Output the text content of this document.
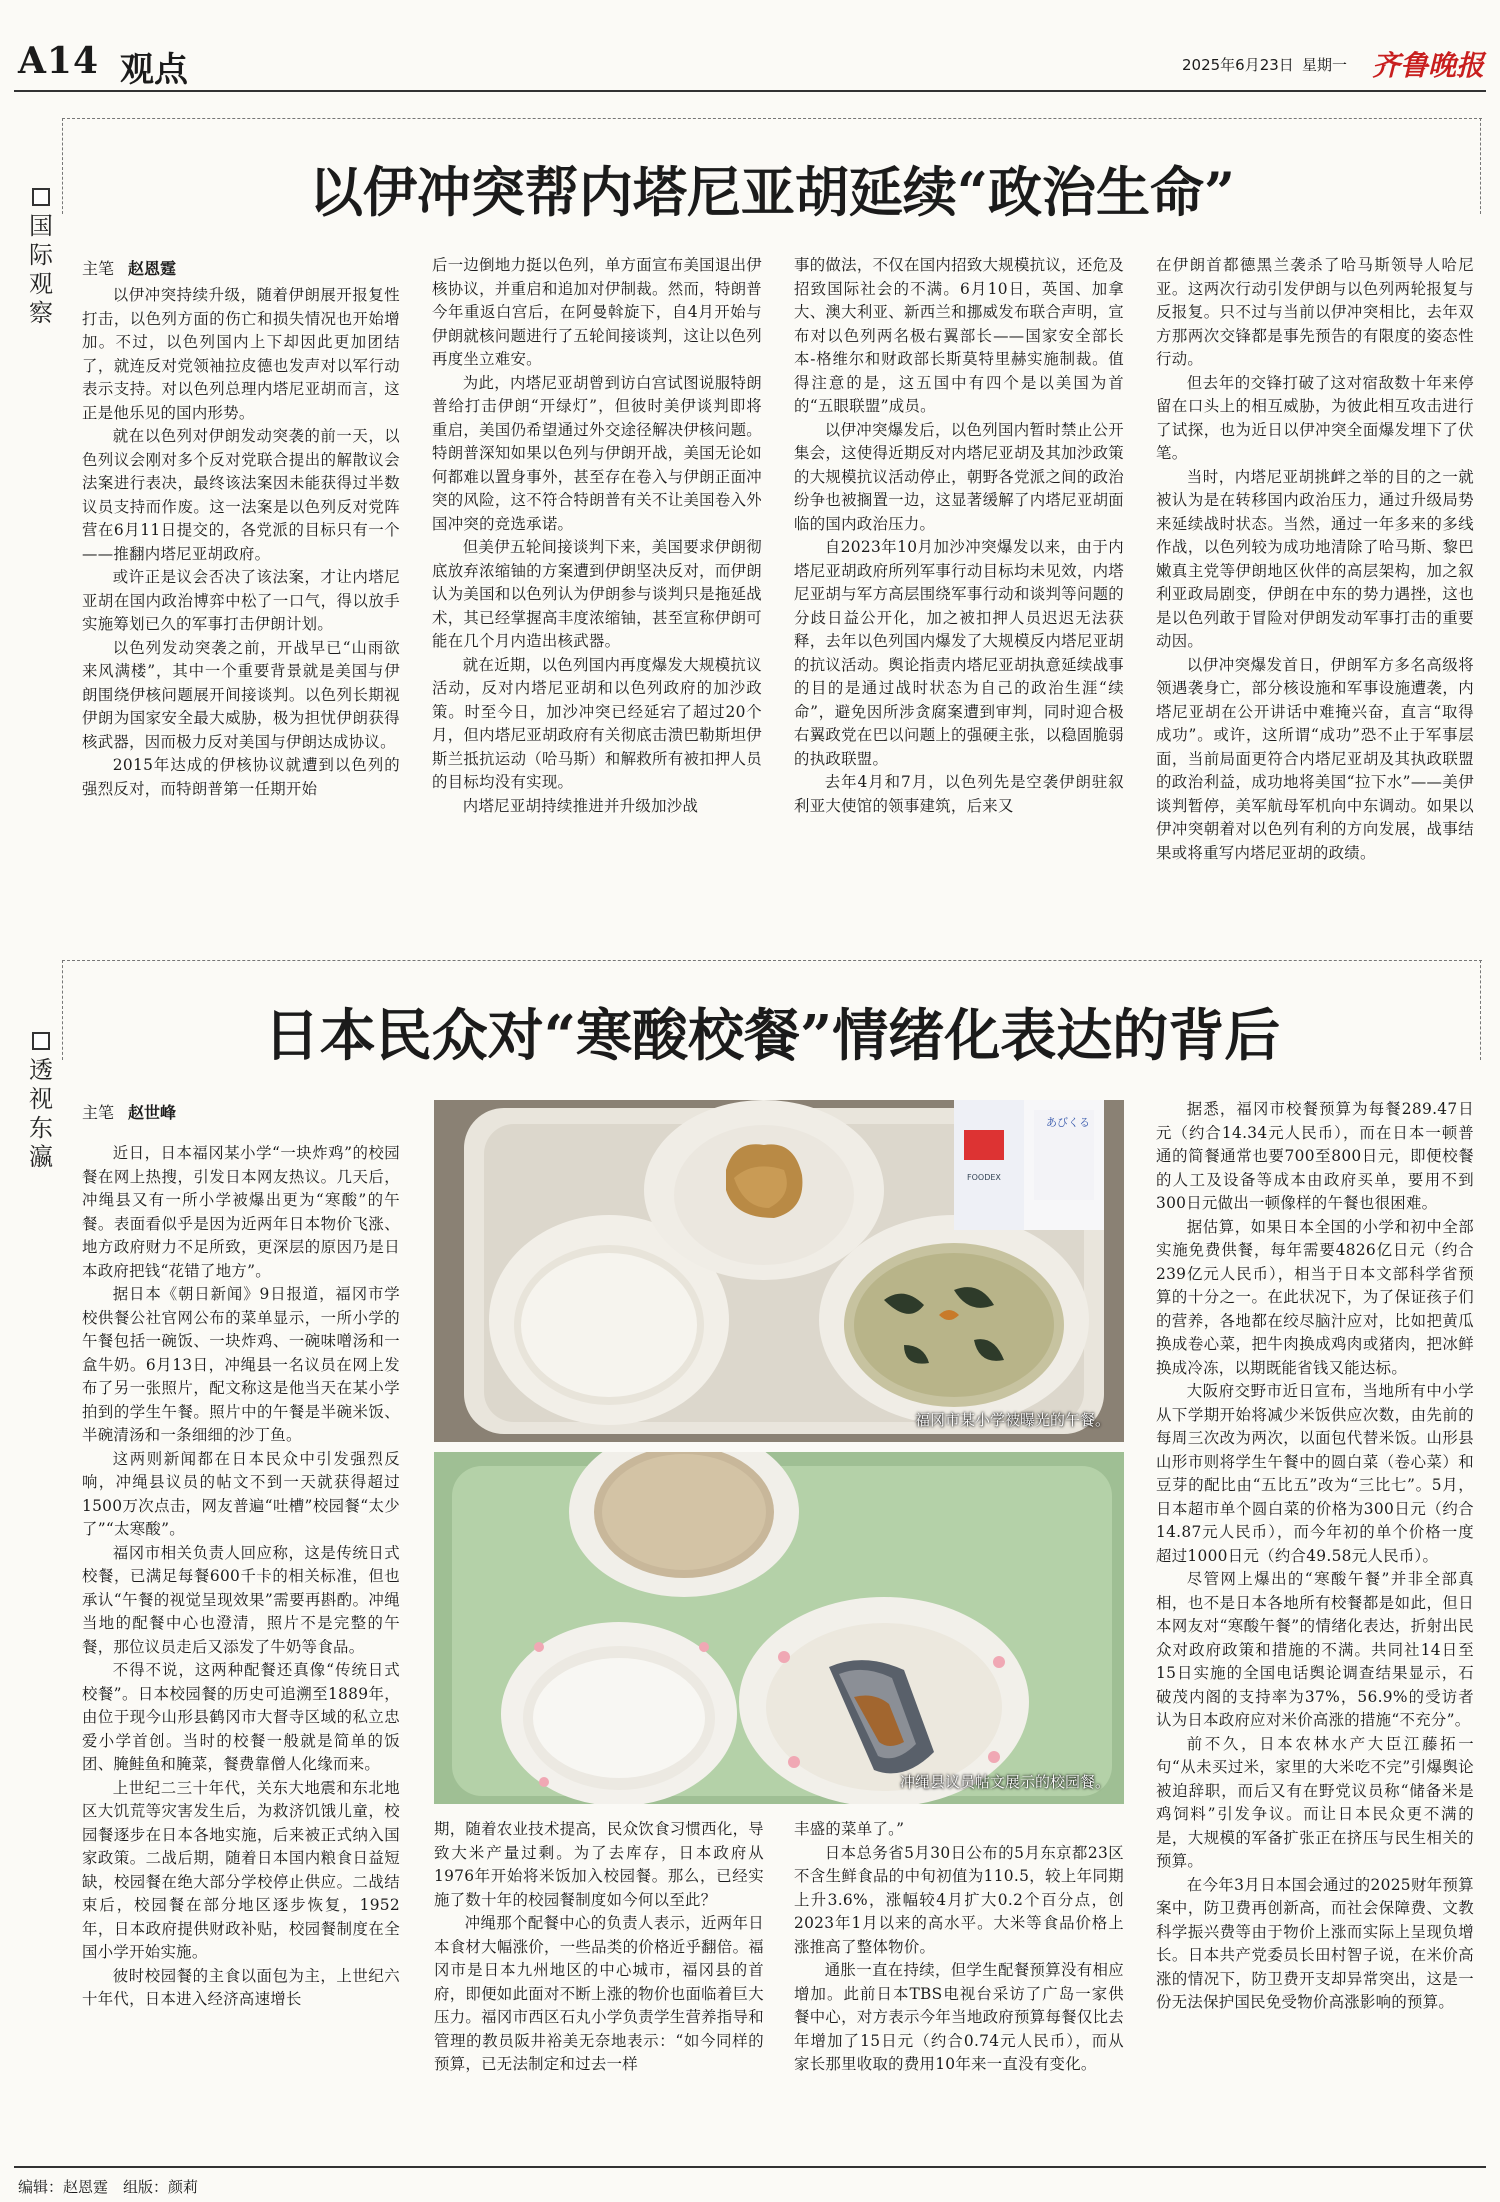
A14 观点	2025年6月23日 星期一 齐鲁晚报
国
际
观
察
以伊冲突帮内塔尼亚胡延续“政治生命”
主笔 赵恩霆

以伊冲突持续升级，随着伊朗展开报复性打击，以色列方面的伤亡和损失情况也开始增加。不过，以色列国内上下却因此更加团结了，就连反对党领袖拉皮德也发声对以军行动表示支持。对以色列总理内塔尼亚胡而言，这正是他乐见的国内形势。

就在以色列对伊朗发动突袭的前一天，以色列议会刚对多个反对党联合提出的解散议会法案进行表决，最终该法案因未能获得过半数议员支持而作废。这一法案是以色列反对党阵营在6月11日提交的，各党派的目标只有一个——推翻内塔尼亚胡政府。

或许正是议会否决了该法案，才让内塔尼亚胡在国内政治博弈中松了一口气，得以放手实施筹划已久的军事打击伊朗计划。

以色列发动突袭之前，开战早已“山雨欲来风满楼”，其中一个重要背景就是美国与伊朗围绕伊核问题展开间接谈判。以色列长期视伊朗为国家安全最大威胁，极为担忧伊朗获得核武器，因而极力反对美国与伊朗达成协议。

2015年达成的伊核协议就遭到以色列的强烈反对，而特朗普第一任期开始

后一边倒地力挺以色列，单方面宣布美国退出伊核协议，并重启和追加对伊制裁。然而，特朗普今年重返白宫后，在阿曼斡旋下，自4月开始与伊朗就核问题进行了五轮间接谈判，这让以色列再度坐立难安。

为此，内塔尼亚胡曾到访白宫试图说服特朗普给打击伊朗“开绿灯”，但彼时美伊谈判即将重启，美国仍希望通过外交途径解决伊核问题。特朗普深知如果以色列与伊朗开战，美国无论如何都难以置身事外，甚至存在卷入与伊朗正面冲突的风险，这不符合特朗普有关不让美国卷入外国冲突的竞选承诺。

但美伊五轮间接谈判下来，美国要求伊朗彻底放弃浓缩铀的方案遭到伊朗坚决反对，而伊朗认为美国和以色列认为伊朗参与谈判只是拖延战术，其已经掌握高丰度浓缩铀，甚至宣称伊朗可能在几个月内造出核武器。

就在近期，以色列国内再度爆发大规模抗议活动，反对内塔尼亚胡和以色列政府的加沙政策。时至今日，加沙冲突已经延宕了超过20个月，但内塔尼亚胡政府有关彻底击溃巴勒斯坦伊斯兰抵抗运动（哈马斯）和解救所有被扣押人员的目标均没有实现。

内塔尼亚胡持续推进并升级加沙战

事的做法，不仅在国内招致大规模抗议，还危及招致国际社会的不满。6月10日，英国、加拿大、澳大利亚、新西兰和挪威发布联合声明，宣布对以色列两名极右翼部长——国家安全部长本-格维尔和财政部长斯莫特里赫实施制裁。值得注意的是，这五国中有四个是以美国为首的“五眼联盟”成员。

以伊冲突爆发后，以色列国内暂时禁止公开集会，这使得近期反对内塔尼亚胡及其加沙政策的大规模抗议活动停止，朝野各党派之间的政治纷争也被搁置一边，这显著缓解了内塔尼亚胡面临的国内政治压力。

自2023年10月加沙冲突爆发以来，由于内塔尼亚胡政府所列军事行动目标均未见效，内塔尼亚胡与军方高层围绕军事行动和谈判等问题的分歧日益公开化，加之被扣押人员迟迟无法获释，去年以色列国内爆发了大规模反内塔尼亚胡的抗议活动。舆论指责内塔尼亚胡执意延续战事的目的是通过战时状态为自己的政治生涯“续命”，避免因所涉贪腐案遭到审判，同时迎合极右翼政党在巴以问题上的强硬主张，以稳固脆弱的执政联盟。

去年4月和7月，以色列先是空袭伊朗驻叙利亚大使馆的领事建筑，后来又

在伊朗首都德黑兰袭杀了哈马斯领导人哈尼亚。这两次行动引发伊朗与以色列两轮报复与反报复。只不过与当前以伊冲突相比，去年双方那两次交锋都是事先预告的有限度的姿态性行动。

但去年的交锋打破了这对宿敌数十年来停留在口头上的相互威胁，为彼此相互攻击进行了试探，也为近日以伊冲突全面爆发埋下了伏笔。

当时，内塔尼亚胡挑衅之举的目的之一就被认为是在转移国内政治压力，通过升级局势来延续战时状态。当然，通过一年多来的多线作战，以色列较为成功地清除了哈马斯、黎巴嫩真主党等伊朗地区伙伴的高层架构，加之叙利亚政局剧变，伊朗在中东的势力遇挫，这也是以色列敢于冒险对伊朗发动军事打击的重要动因。

以伊冲突爆发首日，伊朗军方多名高级将领遇袭身亡，部分核设施和军事设施遭袭，内塔尼亚胡在公开讲话中难掩兴奋，直言“取得成功”。或许，这所谓“成功”恐不止于军事层面，当前局面更符合内塔尼亚胡及其执政联盟的政治利益，成功地将美国“拉下水”——美伊谈判暂停，美军航母军机向中东调动。如果以伊冲突朝着对以色列有利的方向发展，战事结果或将重写内塔尼亚胡的政绩。

透
视
东
瀛
日本民众对“寒酸校餐”情绪化表达的背后
主笔 赵世峰

近日，日本福冈某小学“一块炸鸡”的校园餐在网上热搜，引发日本网友热议。几天后，冲绳县又有一所小学被爆出更为“寒酸”的午餐。表面看似乎是因为近两年日本物价飞涨、地方政府财力不足所致，更深层的原因乃是日本政府把钱“花错了地方”。

据日本《朝日新闻》9日报道，福冈市学校供餐公社官网公布的菜单显示，一所小学的午餐包括一碗饭、一块炸鸡、一碗味噌汤和一盒牛奶。6月13日，冲绳县一名议员在网上发布了另一张照片，配文称这是他当天在某小学拍到的学生午餐。照片中的午餐是半碗米饭、半碗清汤和一条细细的沙丁鱼。

这两则新闻都在日本民众中引发强烈反响，冲绳县议员的帖文不到一天就获得超过1500万次点击，网友普遍“吐槽”校园餐“太少了”“太寒酸”。

福冈市相关负责人回应称，这是传统日式校餐，已满足每餐600千卡的相关标准，但也承认“午餐的视觉呈现效果”需要再斟酌。冲绳当地的配餐中心也澄清，照片不是完整的午餐，那位议员走后又添发了牛奶等食品。

不得不说，这两种配餐还真像“传统日式校餐”。日本校园餐的历史可追溯至1889年，由位于现今山形县鹤冈市大督寺区域的私立忠爱小学首创。当时的校餐一般就是简单的饭团、腌鲑鱼和腌菜，餐费靠僧人化缘而来。

上世纪二三十年代，关东大地震和东北地区大饥荒等灾害发生后，为救济饥饿儿童，校园餐逐步在日本各地实施，后来被正式纳入国家政策。二战后期，随着日本国内粮食日益短缺，校园餐在绝大部分学校停止供应。二战结束后，校园餐在部分地区逐步恢复，1952年，日本政府提供财政补贴，校园餐制度在全国小学开始实施。

彼时校园餐的主食以面包为主，上世纪六十年代，日本进入经济高速增长

あびくる
FOODEX
福冈市某小学被曝光的午餐。
冲绳县议员帖文展示的校园餐。

期，随着农业技术提高，民众饮食习惯西化，导致大米产量过剩。为了去库存，日本政府从1976年开始将米饭加入校园餐。那么，已经实施了数十年的校园餐制度如今何以至此？

冲绳那个配餐中心的负责人表示，近两年日本食材大幅涨价，一些品类的价格近乎翻倍。福冈市是日本九州地区的中心城市，福冈县的首府，即便如此面对不断上涨的物价也面临着巨大压力。福冈市西区石丸小学负责学生营养指导和管理的教员阪井裕美无奈地表示：“如今同样的预算，已无法制定和过去一样

丰盛的菜单了。”

日本总务省5月30日公布的5月东京都23区不含生鲜食品的中旬初值为110.5，较上年同期上升3.6%，涨幅较4月扩大0.2个百分点，创2023年1月以来的高水平。大米等食品价格上涨推高了整体物价。

通胀一直在持续，但学生配餐预算没有相应增加。此前日本TBS电视台采访了广岛一家供餐中心，对方表示今年当地政府预算每餐仅比去年增加了15日元（约合0.74元人民币），而从家长那里收取的费用10年来一直没有变化。

据悉，福冈市校餐预算为每餐289.47日元（约合14.34元人民币），而在日本一顿普通的简餐通常也要700至800日元，即便校餐的人工及设备等成本由政府买单，要用不到300日元做出一顿像样的午餐也很困难。

据估算，如果日本全国的小学和初中全部实施免费供餐，每年需要4826亿日元（约合239亿元人民币），相当于日本文部科学省预算的十分之一。在此状况下，为了保证孩子们的营养，各地都在绞尽脑汁应对，比如把黄瓜换成卷心菜，把牛肉换成鸡肉或猪肉，把冰鲜换成冷冻，以期既能省钱又能达标。

大阪府交野市近日宣布，当地所有中小学从下学期开始将减少米饭供应次数，由先前的每周三次改为两次，以面包代替米饭。山形县山形市则将学生午餐中的圆白菜（卷心菜）和豆芽的配比由“五比五”改为“三比七”。5月，日本超市单个圆白菜的价格为300日元（约合14.87元人民币），而今年初的单个价格一度超过1000日元（约合49.58元人民币）。

尽管网上爆出的“寒酸午餐”并非全部真相，也不是日本各地所有校餐都是如此，但日本网友对“寒酸午餐”的情绪化表达，折射出民众对政府政策和措施的不满。共同社14日至15日实施的全国电话舆论调查结果显示，石破茂内阁的支持率为37%，56.9%的受访者认为日本政府应对米价高涨的措施“不充分”。

前不久，日本农林水产大臣江藤拓一句“从未买过米，家里的大米吃不完”引爆舆论被迫辞职，而后又有在野党议员称“储备米是鸡饲料”引发争议。而让日本民众更不满的是，大规模的军备扩张正在挤压与民生相关的预算。

在今年3月日本国会通过的2025财年预算案中，防卫费再创新高，而社会保障费、文教科学振兴费等由于物价上涨而实际上呈现负增长。日本共产党委员长田村智子说，在米价高涨的情况下，防卫费开支却异常突出，这是一份无法保护国民免受物价高涨影响的预算。

编辑：赵恩霆　组版：颜莉
